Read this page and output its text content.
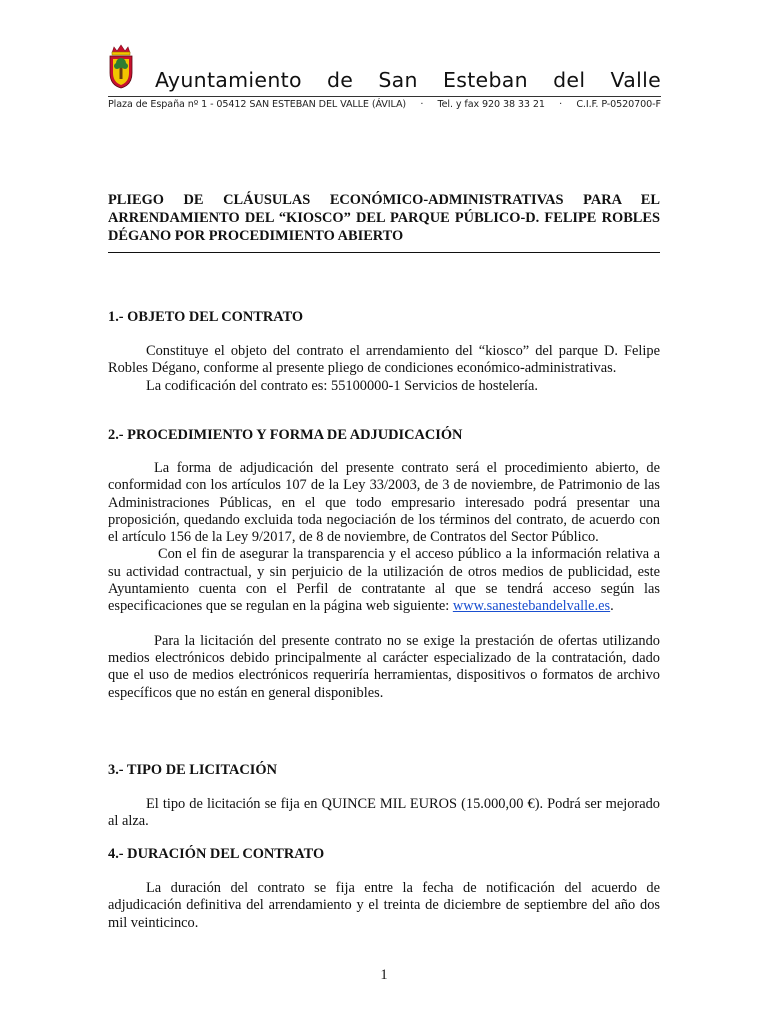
Ayuntamiento de San Esteban del Valle
Plaza de España nº 1 - 05412 SAN ESTEBAN DEL VALLE (ÁVILA) · Tel. y fax 920 38 33 21 · C.I.F. P-0520700-F
PLIEGO DE CLÁUSULAS ECONÓMICO-ADMINISTRATIVAS PARA EL ARRENDAMIENTO DEL “KIOSCO” DEL PARQUE PÚBLICO-D. FELIPE ROBLES DÉGANO POR PROCEDIMIENTO ABIERTO
1.- OBJETO DEL CONTRATO

Constituye el objeto del contrato el arrendamiento del “kiosco” del parque D. Felipe Robles Dégano, conforme al presente pliego de condiciones económico-administrativas.

La codificación del contrato es: 55100000-1 Servicios de hostelería.

2.- PROCEDIMIENTO Y FORMA DE ADJUDICACIÓN

La forma de adjudicación del presente contrato será el procedimiento abierto, de conformidad con los artículos 107 de la Ley 33/2003, de 3 de noviembre, de Patrimonio de las Administraciones Públicas, en el que todo empresario interesado podrá presentar una proposición, quedando excluida toda negociación de los términos del contrato, de acuerdo con el artículo 156 de la Ley 9/2017, de 8 de noviembre, de Contratos del Sector Público.

Con el fin de asegurar la transparencia y el acceso público a la información relativa a su actividad contractual, y sin perjuicio de la utilización de otros medios de publicidad, este Ayuntamiento cuenta con el Perfil de contratante al que se tendrá acceso según las especificaciones que se regulan en la página web siguiente: www.sanestebandelvalle.es.

Para la licitación del presente contrato no se exige la prestación de ofertas utilizando medios electrónicos debido principalmente al carácter especializado de la contratación, dado que el uso de medios electrónicos requeriría herramientas, dispositivos o formatos de archivo específicos que no están en general disponibles.

3.- TIPO DE LICITACIÓN

El tipo de licitación se fija en QUINCE MIL EUROS (15.000,00 €). Podrá ser mejorado al alza.

4.- DURACIÓN DEL CONTRATO

La duración del contrato se fija entre la fecha de notificación del acuerdo de adjudicación definitiva del arrendamiento y el treinta de diciembre de septiembre del año dos mil veinticinco.

1
